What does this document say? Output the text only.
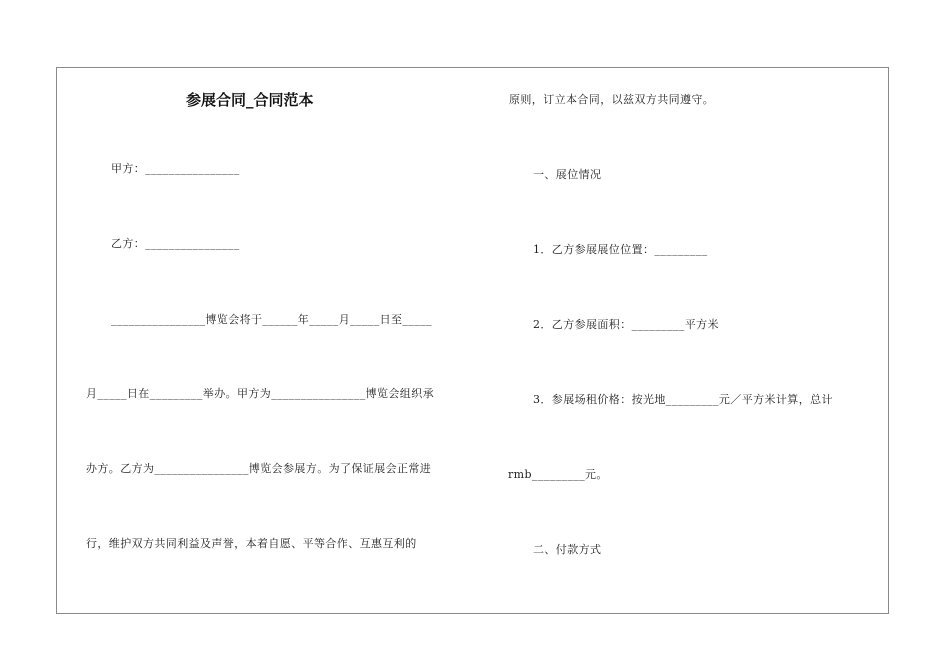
参展合同_合同范本
甲方：________________
乙方：________________
________________博览会将于______年_____月_____日至_____
月_____日在_________举办。甲方为________________博览会组织承
办方。乙方为________________博览会参展方。为了保证展会正常进
行，维护双方共同利益及声誉，本着自愿、平等合作、互惠互利的
原则，订立本合同，以兹双方共同遵守。
一、展位情况
1．乙方参展展位位置：_________
2．乙方参展面积：_________平方米
3．参展场租价格：按光地_________元／平方米计算，总计
rmb_________元。
二、付款方式
